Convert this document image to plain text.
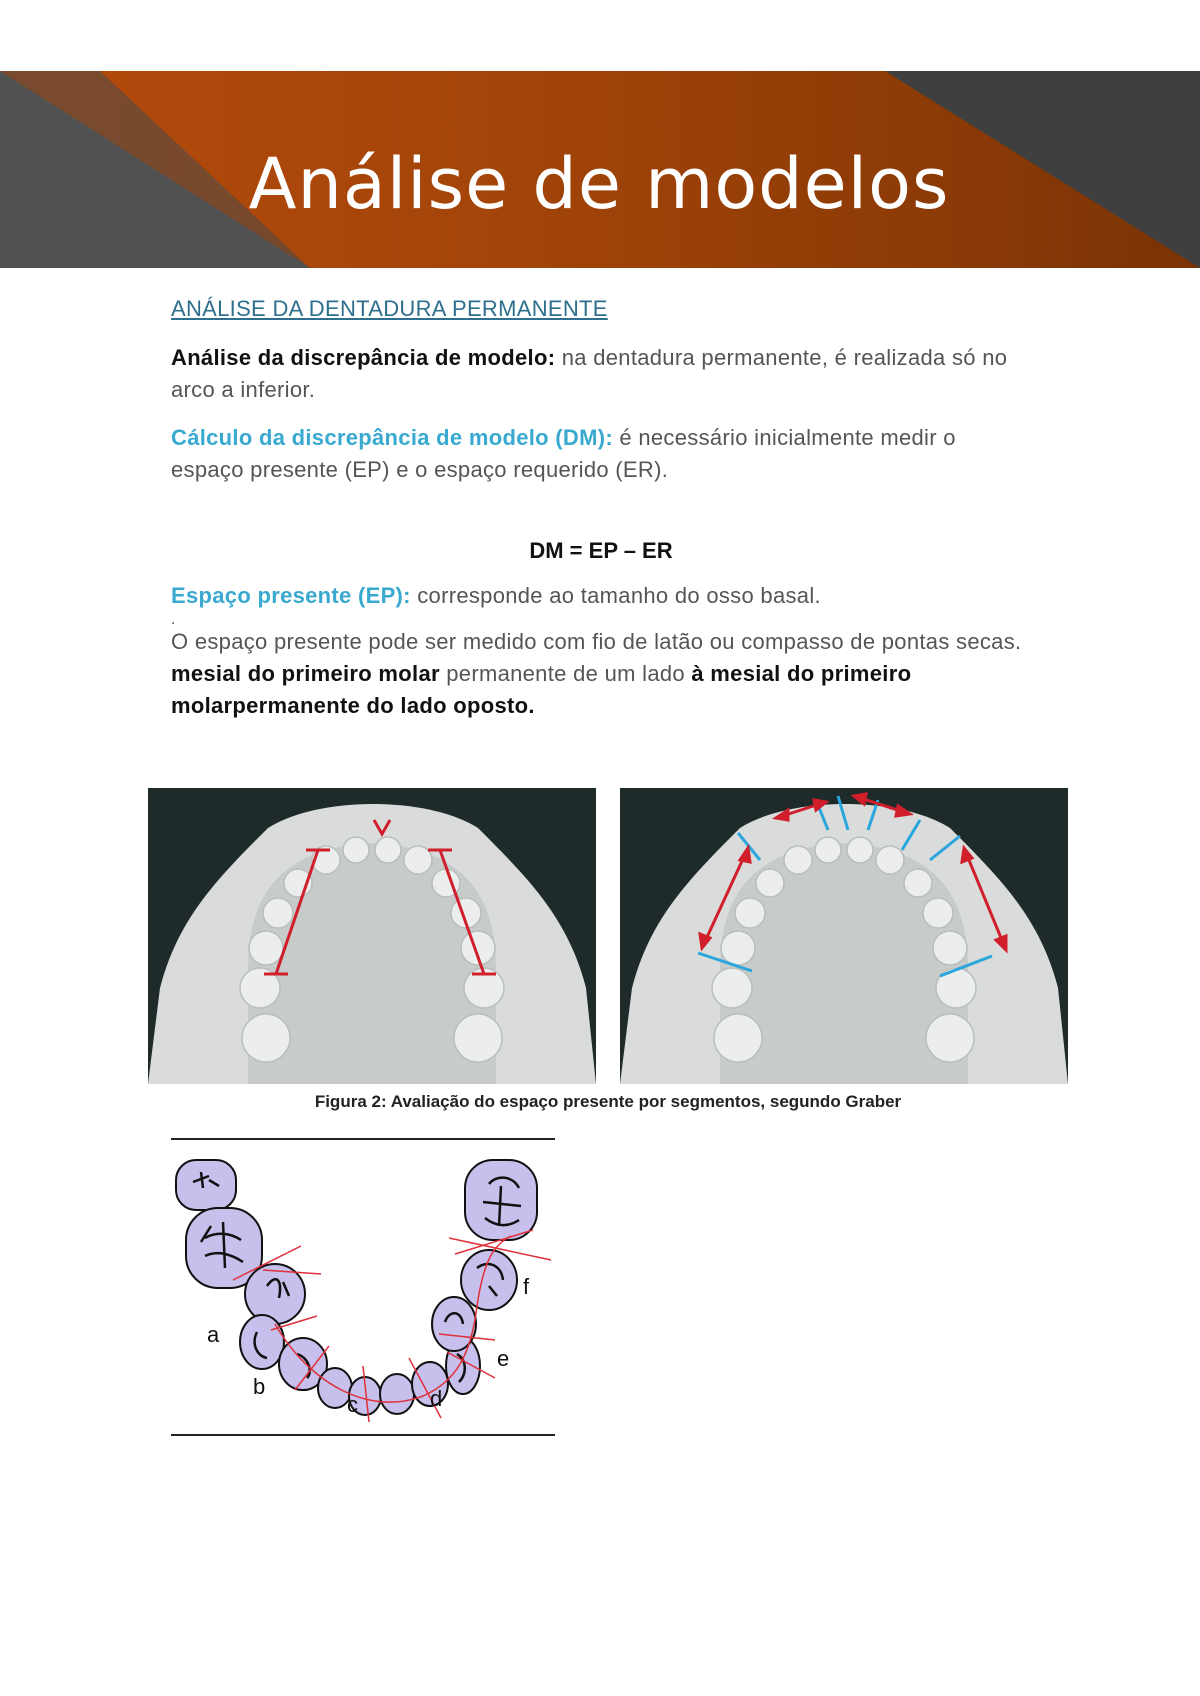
Análise de modelos
ANÁLISE DA DENTADURA PERMANENTE

Análise da discrepância de modelo: na dentadura permanente, é realizada só no arco a inferior.

Cálculo da discrepância de modelo (DM): é necessário inicialmente medir o espaço presente (EP) e o espaço requerido (ER).

DM = EP – ER

Espaço presente (EP): corresponde ao tamanho do osso basal.

.

O espaço presente pode ser medido com fio de latão ou compasso de pontas secas.

mesial do primeiro molar permanente de um lado à mesial do primeiro molarpermanente do lado oposto.

Figura 2: Avaliação do espaço presente por segmentos, segundo Graber
a
b
c	d
e
f
